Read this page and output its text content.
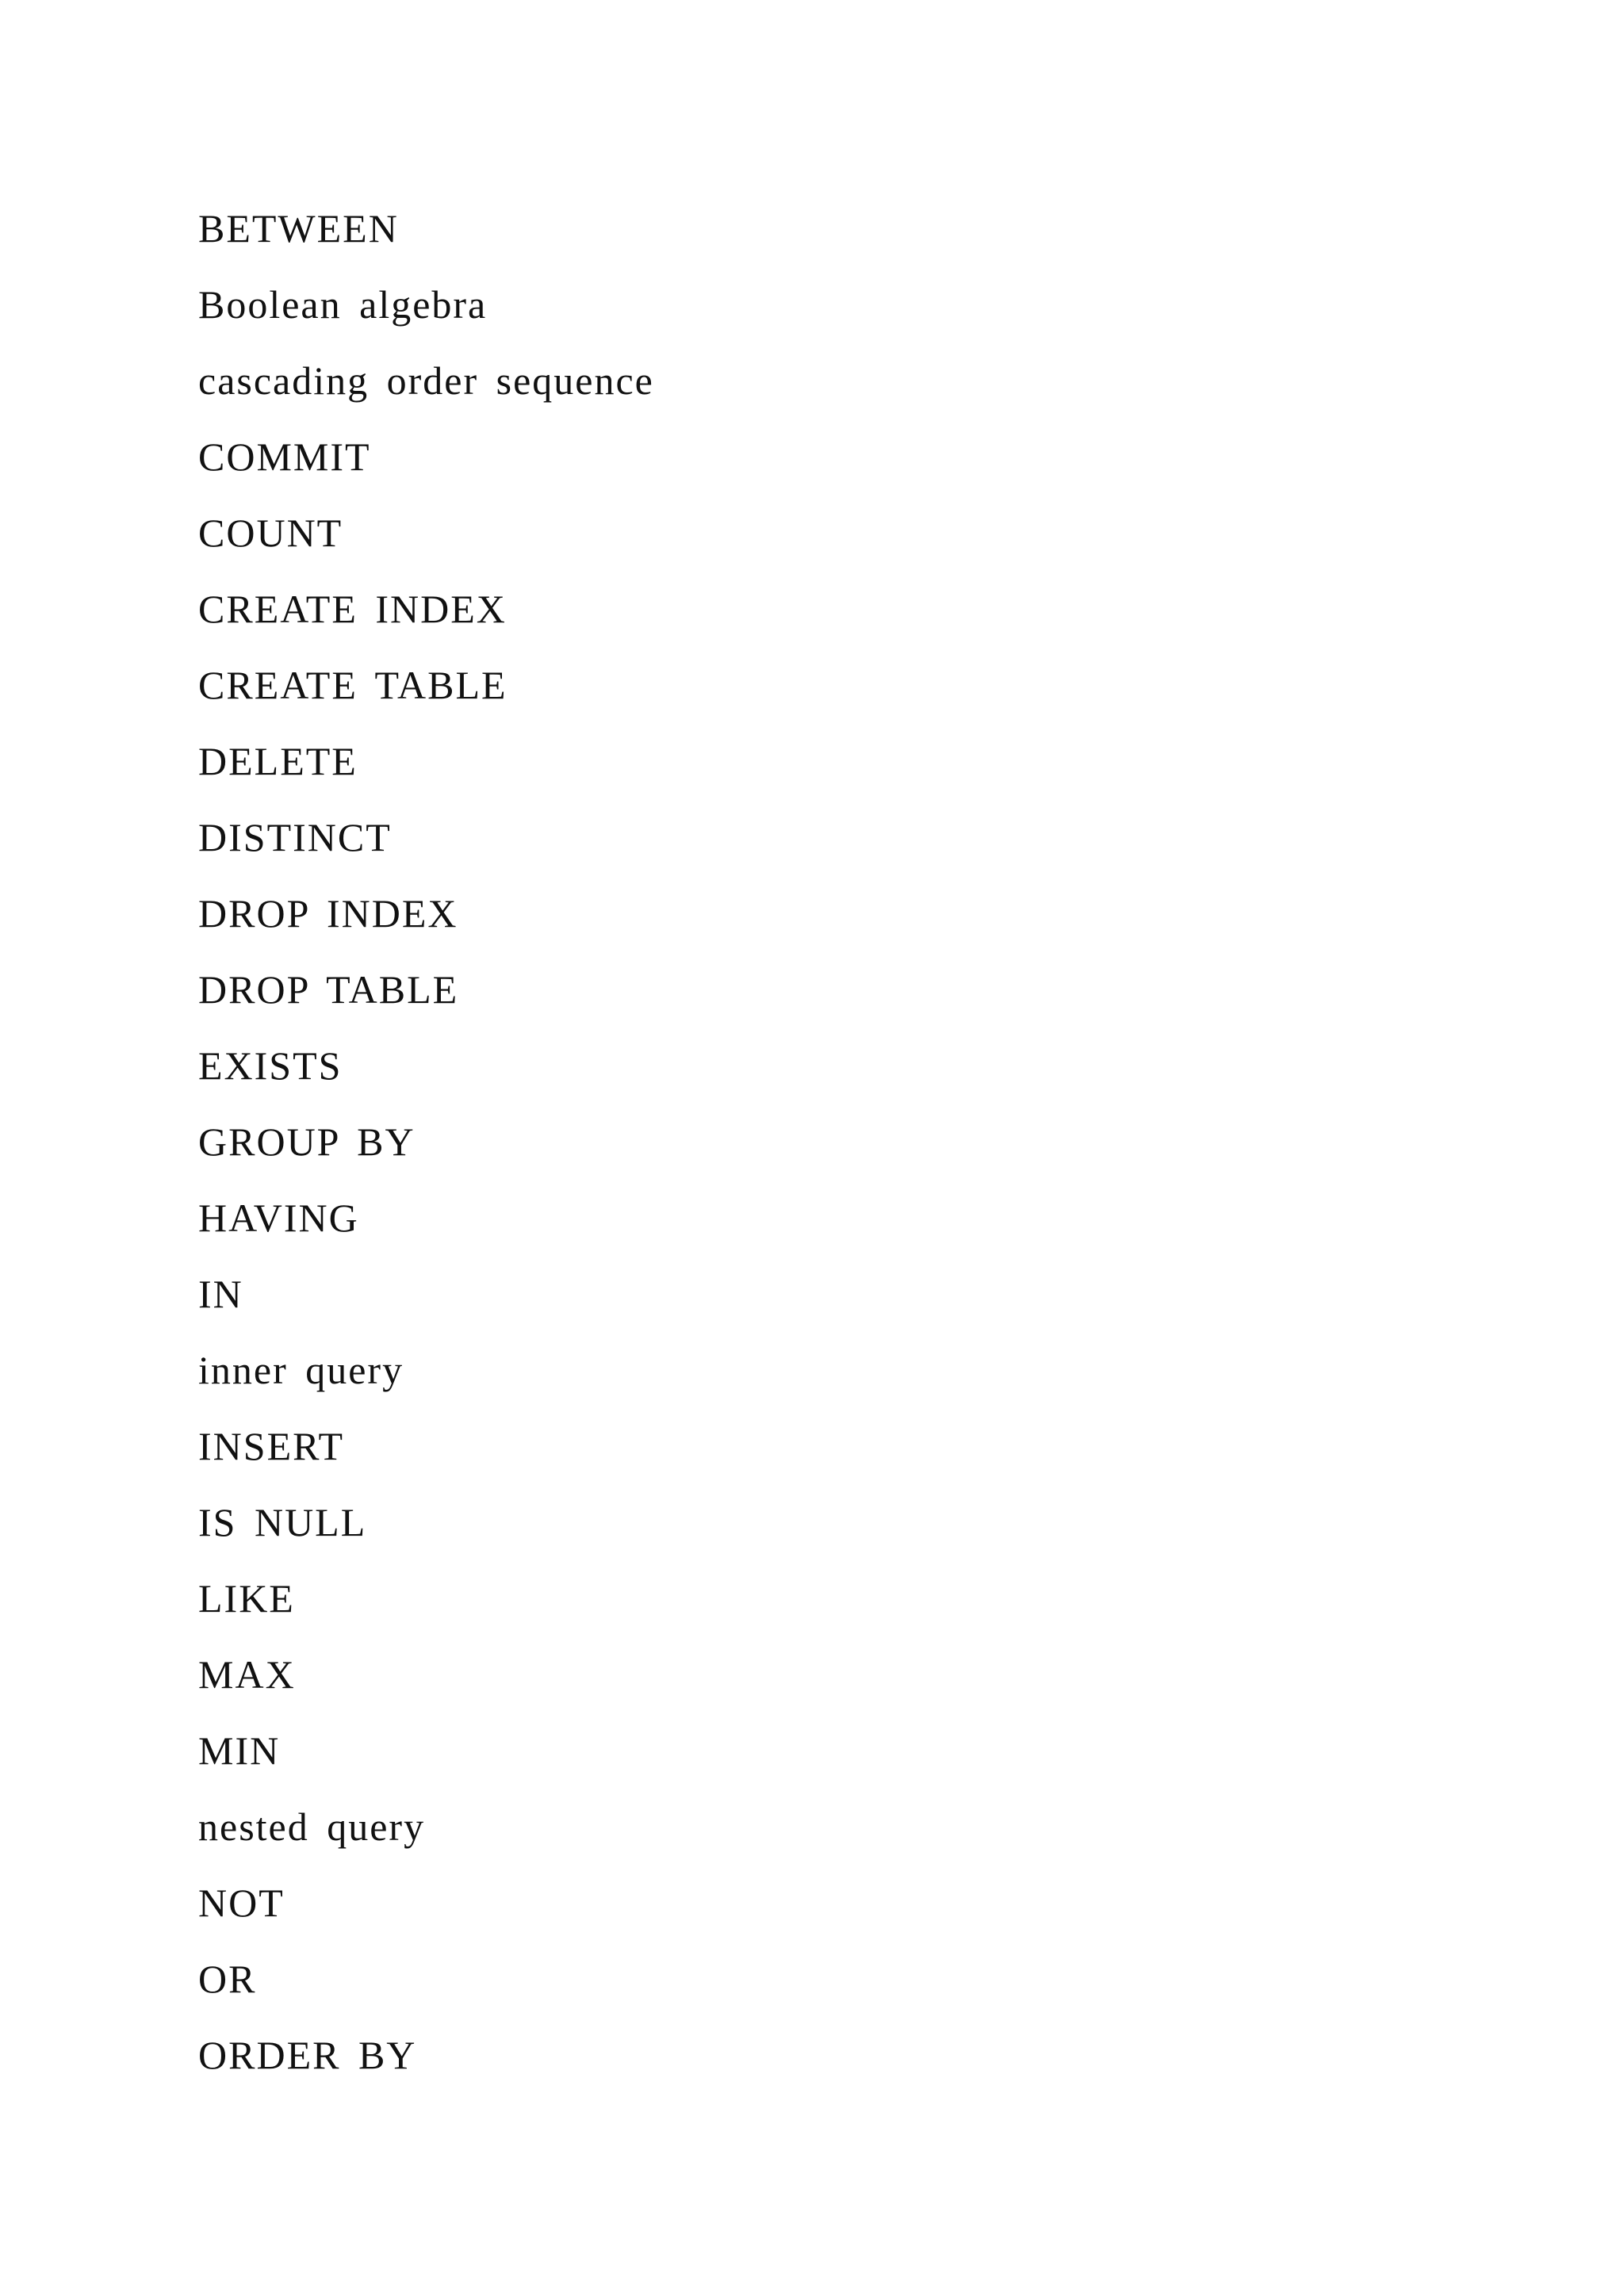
BETWEEN
Boolean algebra
cascading order sequence
COMMIT
COUNT
CREATE INDEX
CREATE TABLE
DELETE
DISTINCT
DROP INDEX
DROP TABLE
EXISTS
GROUP BY
HAVING
IN
inner query
INSERT
IS NULL
LIKE
MAX
MIN
nested query
NOT
OR
ORDER BY
